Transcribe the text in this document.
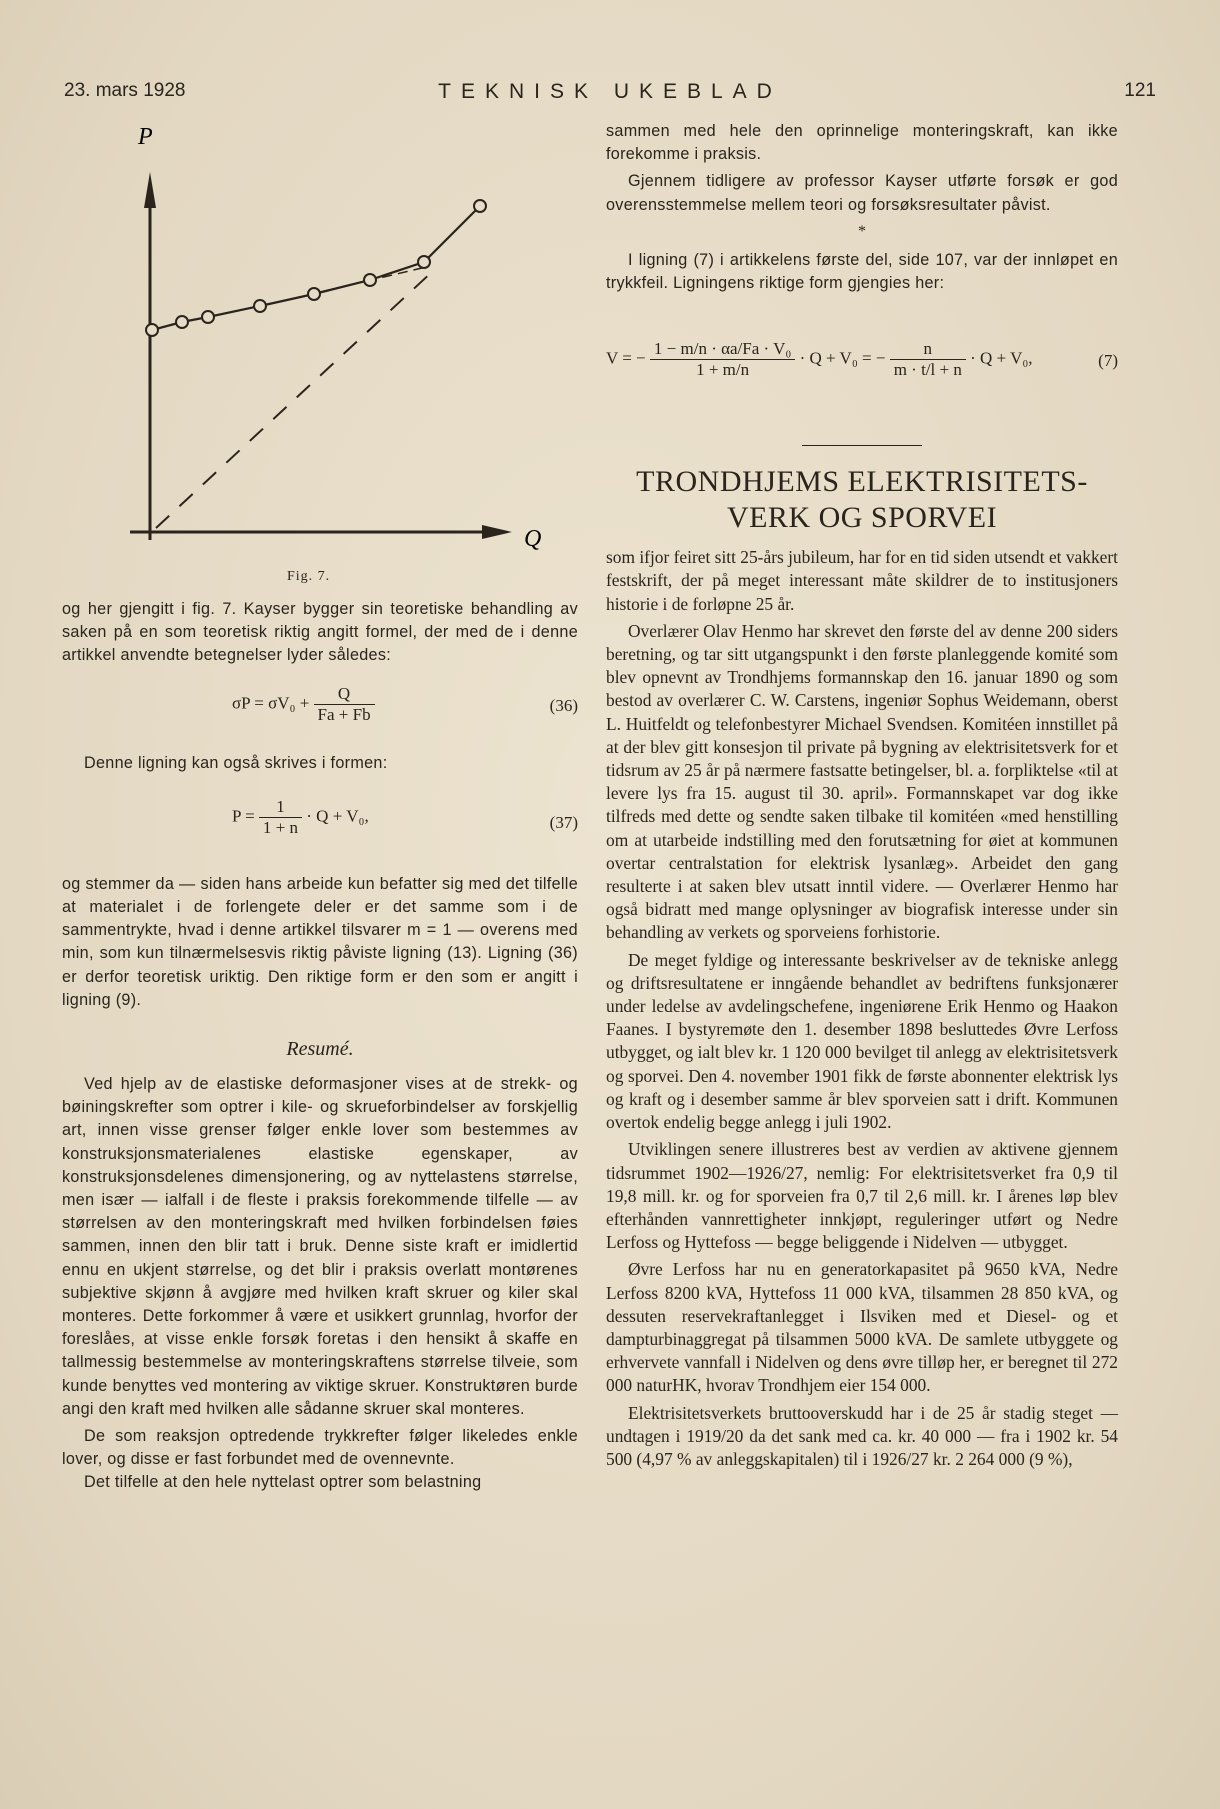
23. mars 1928	TEKNISK UKEBLAD	121
P
Q
Fig. 7.

og her gjengitt i fig. 7. Kayser bygger sin teoretiske behandling av saken på en som teoretisk riktig angitt formel, der med de i denne artikkel anvendte betegnelser lyder således:

$\sigma P = \sigma V_0 + \frac{Q}{Fa + Fb}$	(36)

Denne ligning kan også skrives i formen:

$P = \frac{1}{1 + n} \cdot Q + V_0$,	(37)

og stemmer da — siden hans arbeide kun befatter sig med det tilfelle at materialet i de forlengete deler er det samme som i de sammentrykte, hvad i denne artikkel tilsvarer m = 1 — overens med min, som kun tilnærmelsesvis riktig påviste ligning (13). Ligning (36) er derfor teoretisk uriktig. Den riktige form er den som er angitt i ligning (9).

Resumé.

Ved hjelp av de elastiske deformasjoner vises at de strekk- og bøiningskrefter som optrer i kile- og skrueforbindelser av forskjellig art, innen visse grenser følger enkle lover som bestemmes av konstruksjonsmaterialenes elastiske egenskaper, av konstruksjonsdelenes dimensjonering, og av nyttelastens størrelse, men især — ialfall i de fleste i praksis forekommende tilfelle — av størrelsen av den monteringskraft med hvilken forbindelsen føies sammen, innen den blir tatt i bruk. Denne siste kraft er imidlertid ennu en ukjent størrelse, og det blir i praksis overlatt montørenes subjektive skjønn å avgjøre med hvilken kraft skruer og kiler skal monteres. Dette forkommer å være et usikkert grunnlag, hvorfor der foreslåes, at visse enkle forsøk foretas i den hensikt å skaffe en tallmessig bestemmelse av monteringskraftens størrelse tilveie, som kunde benyttes ved montering av viktige skruer. Konstruktøren burde angi den kraft med hvilken alle sådanne skruer skal monteres.

De som reaksjon optredende trykkrefter følger likeledes enkle lover, og disse er fast forbundet med de ovennevnte.

Det tilfelle at den hele nyttelast optrer som belastning

sammen med hele den oprinnelige monteringskraft, kan ikke forekomme i praksis.

Gjennem tidligere av professor Kayser utførte forsøk er god overensstemmelse mellem teori og forsøksresultater påvist.

*

I ligning (7) i artikkelens første del, side 107, var der innløpet en trykkfeil. Ligningens riktige form gjengies her:

V = − $\frac{\text{1 − m/n · αa/Fa · V₀}}{1 + m/n} \cdot Q + V_0$ = − $\frac{n}{m \cdot t/l + n} \cdot Q + V_0$,	(7)
TRONDHJEMS ELEKTRISITETS-
VERK OG SPORVEI

som ifjor feiret sitt 25-års jubileum, har for en tid siden utsendt et vakkert festskrift, der på meget interessant måte skildrer de to institusjoners historie i de forløpne 25 år.

Overlærer Olav Henmo har skrevet den første del av denne 200 siders beretning, og tar sitt utgangspunkt i den første planleggende komité som blev opnevnt av Trondhjems formannskap den 16. januar 1890 og som bestod av overlærer C. W. Carstens, ingeniør Sophus Weidemann, oberst L. Huitfeldt og telefonbestyrer Michael Svendsen. Komitéen innstillet på at der blev gitt konsesjon til private på bygning av elektrisitetsverk for et tidsrum av 25 år på nærmere fastsatte betingelser, bl. a. forpliktelse «til at levere lys fra 15. august til 30. april». Formannskapet var dog ikke tilfreds med dette og sendte saken tilbake til komitéen «med henstilling om at utarbeide indstilling med den forutsætning for øiet at kommunen overtar centralstation for elektrisk lysanlæg». Arbeidet den gang resulterte i at saken blev utsatt inntil videre. — Overlærer Henmo har også bidratt med mange oplysninger av biografisk interesse under sin behandling av verkets og sporveiens forhistorie.

De meget fyldige og interessante beskrivelser av de tekniske anlegg og driftsresultatene er inngående behandlet av bedriftens funksjonærer under ledelse av avdelingschefene, ingeniørene Erik Henmo og Haakon Faanes. I bystyremøte den 1. desember 1898 besluttedes Øvre Lerfoss utbygget, og ialt blev kr. 1 120 000 bevilget til anlegg av elektrisitetsverk og sporvei. Den 4. november 1901 fikk de første abonnenter elektrisk lys og kraft og i desember samme år blev sporveien satt i drift. Kommunen overtok endelig begge anlegg i juli 1902.

Utviklingen senere illustreres best av verdien av aktivene gjennem tidsrummet 1902—1926/27, nemlig: For elektrisitetsverket fra 0,9 til 19,8 mill. kr. og for sporveien fra 0,7 til 2,6 mill. kr. I årenes løp blev efterhånden vannrettigheter innkjøpt, reguleringer utført og Nedre Lerfoss og Hyttefoss — begge beliggende i Nidelven — utbygget.

Øvre Lerfoss har nu en generatorkapasitet på 9650 kVA, Nedre Lerfoss 8200 kVA, Hyttefoss 11 000 kVA, tilsammen 28 850 kVA, og dessuten reservekraftanlegget i Ilsviken med et Diesel- og et dampturbinaggregat på tilsammen 5000 kVA. De samlete utbyggete og erhvervete vannfall i Nidelven og dens øvre tilløp her, er beregnet til 272 000 naturHK, hvorav Trondhjem eier 154 000.

Elektrisitetsverkets bruttooverskudd har i de 25 år stadig steget — undtagen i 1919/20 da det sank med ca. kr. 40 000 — fra i 1902 kr. 54 500 (4,97 % av anleggskapitalen) til i 1926/27 kr. 2 264 000 (9 %),
